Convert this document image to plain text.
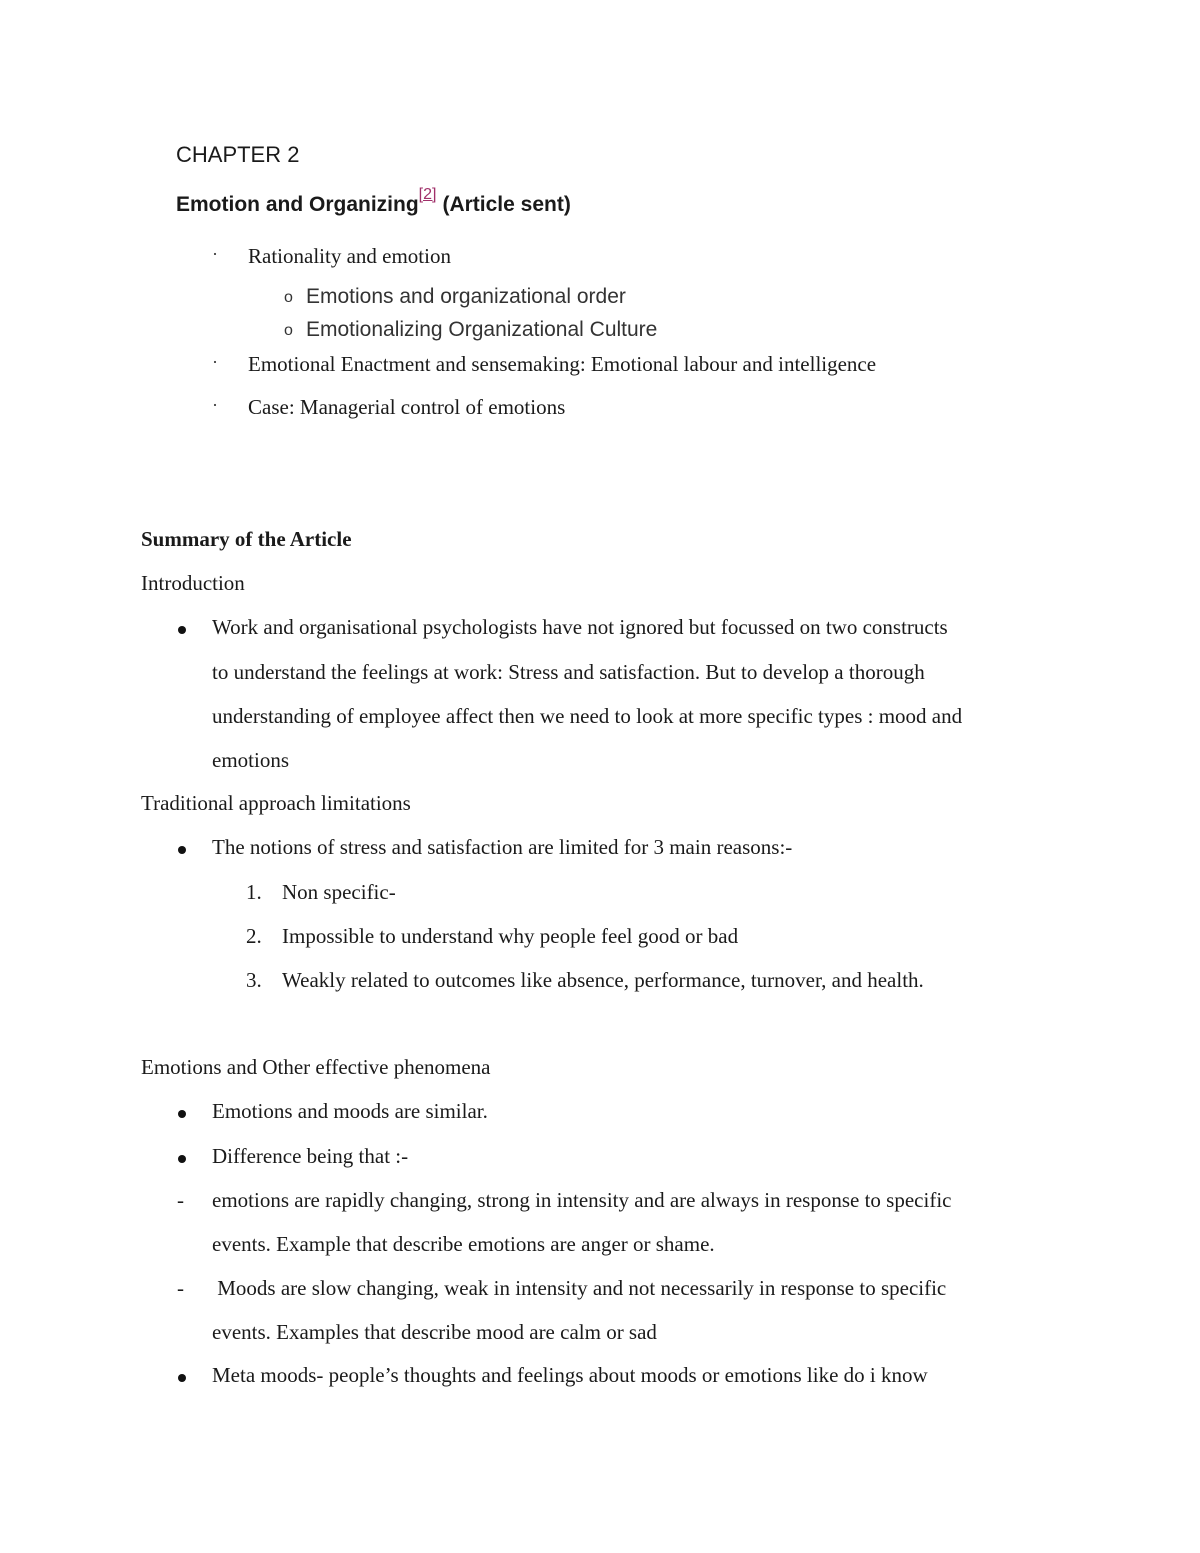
CHAPTER 2
Emotion and Organizing[2] (Article sent)
· Rationality and emotion
o Emotions and organizational order
o Emotionalizing Organizational Culture
· Emotional Enactment and sensemaking: Emotional labour and intelligence
· Case: Managerial control of emotions
Summary of the Article
Introduction
Work and organisational psychologists have not ignored but focussed on two constructs
to understand the feelings at work: Stress and satisfaction. But to develop a thorough
understanding of employee affect then we need to look at more specific types : mood and
emotions
Traditional approach limitations
The notions of stress and satisfaction are limited for 3 main reasons:-
1. Non specific-
2. Impossible to understand why people feel good or bad
3. Weakly related to outcomes like absence, performance, turnover, and health.
Emotions and Other effective phenomena
Emotions and moods are similar.
Difference being that :-
- emotions are rapidly changing, strong in intensity and are always in response to specific
events. Example that describe emotions are anger or shame.
- Moods are slow changing, weak in intensity and not necessarily in response to specific
events. Examples that describe mood are calm or sad
Meta moods- people’s thoughts and feelings about moods or emotions like do i know
